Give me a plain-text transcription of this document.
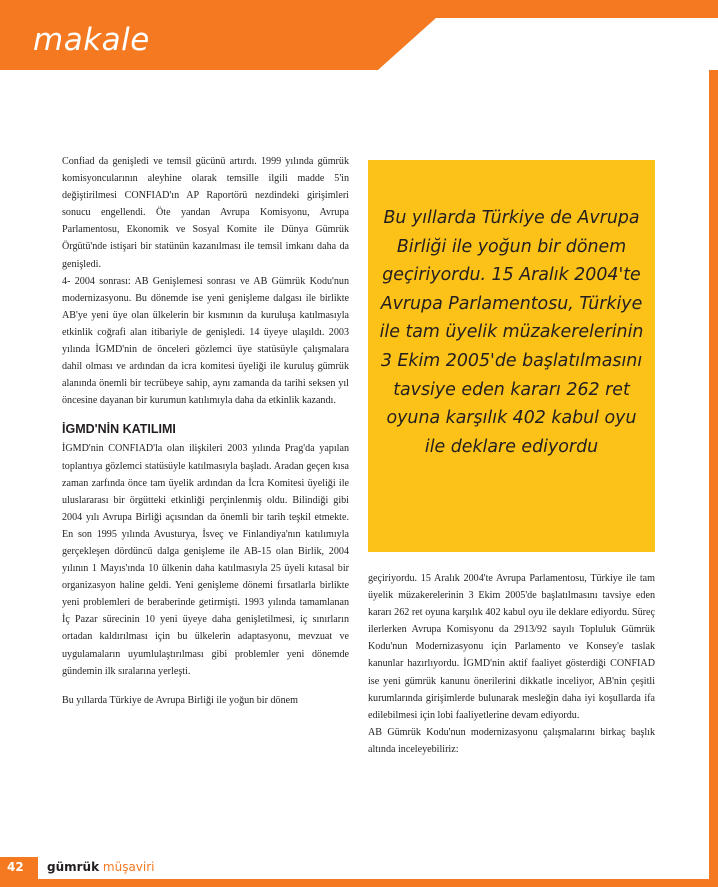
makale

Confiad da genişledi ve temsil gücünü artırdı. 1999 yılında gümrük komisyoncularının aleyhine olarak temsille ilgili madde 5'in değiştirilmesi CONFIAD'ın AP Raportörü nezdindeki girişimleri sonucu engellendi. Öte yandan Avrupa Komisyonu, Avrupa Parlamentosu, Ekonomik ve Sosyal Komite ile Dünya Gümrük Örgütü'nde istişari bir statünün kazanılması ile temsil imkanı daha da genişledi.

4- 2004 sonrası: AB Genişlemesi sonrası ve AB Gümrük Kodu'nun modernizasyonu. Bu dönemde ise yeni genişleme dalgası ile birlikte AB'ye yeni üye olan ülkelerin bir kısmının da kuruluşa katılmasıyla etkinlik coğrafi alan itibariyle de genişledi. 14 üyeye ulaşıldı. 2003 yılında İGMD'nin de önceleri gözlemci üye statüsüyle çalışmalara dahil olması ve ardından da icra komitesi üyeliği ile kuruluş gümrük alanında önemli bir tecrübeye sahip, aynı zamanda da tarihi seksen yıl öncesine dayanan bir kurumun katılımıyla daha da etkinlik kazandı.

İGMD'NİN KATILIMI

İGMD'nin CONFIAD'la olan ilişkileri 2003 yılında Prag'da yapılan toplantıya gözlemci statüsüyle katılmasıyla başladı. Aradan geçen kısa zaman zarfında önce tam üyelik ardından da İcra Komitesi üyeliği ile uluslararası bir örgütteki etkinliği perçinlenmiş oldu. Bilindiği gibi 2004 yılı Avrupa Birliği açısından da önemli bir tarih teşkil etmekte. En son 1995 yılında Avusturya, İsveç ve Finlandiya'nın katılımıyla gerçekleşen dördüncü dalga genişleme ile AB-15 olan Birlik, 2004 yılının 1 Mayıs'ında 10 ülkenin daha katılmasıyla 25 üyeli kıtasal bir organizasyon haline geldi. Yeni genişleme dönemi fırsatlarla birlikte yeni problemleri de beraberinde getirmişti. 1993 yılında tamamlanan İç Pazar sürecinin 10 yeni üyeye daha genişletilmesi, iç sınırların ortadan kaldırılması için bu ülkelerin adaptasyonu, mevzuat ve uygulamaların uyumlulaştırılması gibi problemler yeni dönemde gündemin ilk sıralarına yerleşti.

Bu yıllarda Türkiye de Avrupa Birliği ile yoğun bir dönem

Bu yıllarda Türkiye de Avrupa Birliği ile yoğun bir dönem geçiriyordu. 15 Aralık 2004'te Avrupa Parlamentosu, Türkiye ile tam üyelik müzakerelerinin 3 Ekim 2005'de başlatılmasını tavsiye eden kararı 262 ret oyuna karşılık 402 kabul oyu ile deklare ediyordu

geçiriyordu. 15 Aralık 2004'te Avrupa Parlamentosu, Türkiye ile tam üyelik müzakerelerinin 3 Ekim 2005'de başlatılmasını tavsiye eden kararı 262 ret oyuna karşılık 402 kabul oyu ile deklare ediyordu. Süreç ilerlerken Avrupa Komisyonu da 2913/92 sayılı Topluluk Gümrük Kodu'nun Modernizasyonu için Parlamento ve Konsey'e taslak kanunlar hazırlıyordu. İGMD'nin aktif faaliyet gösterdiği CONFIAD ise yeni gümrük kanunu önerilerini dikkatle inceliyor, AB'nin çeşitli kurumlarında girişimlerde bulunarak mesleğin daha iyi koşullarda ifa edilebilmesi için lobi faaliyetlerine devam ediyordu.

AB Gümrük Kodu'nun modernizasyonu çalışmalarını birkaç başlık altında inceleyebiliriz:

42 gümrük müşaviri
